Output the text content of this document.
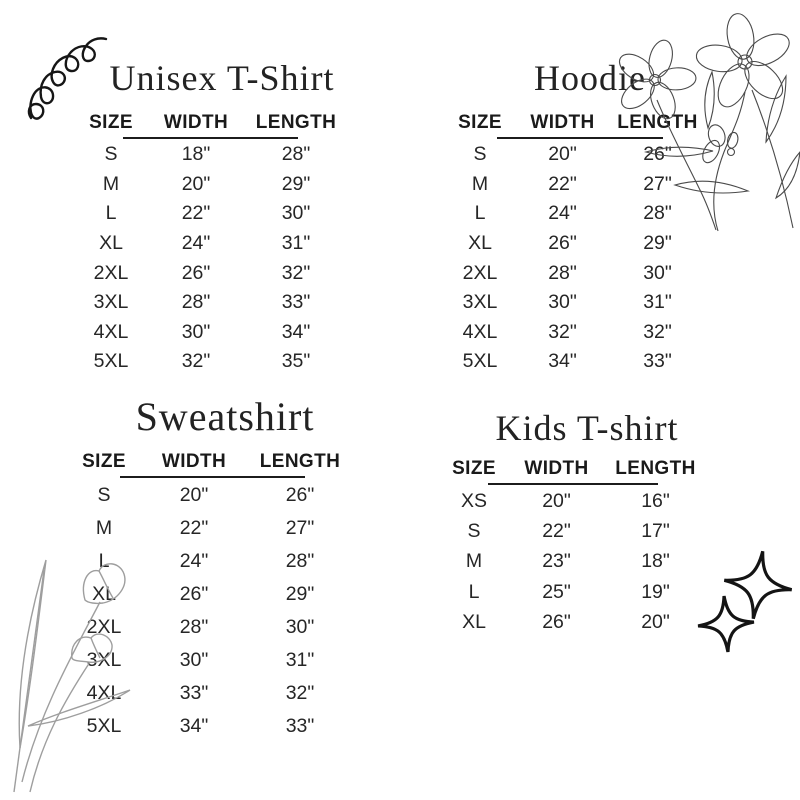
Unisex T-Shirt
SIZE	WIDTH	LENGTH
S	18"	28"
M	20"	29"
L	22"	30"
XL	24"	31"
2XL	26"	32"
3XL	28"	33"
4XL	30"	34"
5XL	32"	35"
Hoodie
SIZE	WIDTH	LENGTH
S	20"	26"
M	22"	27"
L	24"	28"
XL	26"	29"
2XL	28"	30"
3XL	30"	31"
4XL	32"	32"
5XL	34"	33"
Sweatshirt
SIZE	WIDTH	LENGTH
S	20"	26"
M	22"	27"
L	24"	28"
XL	26"	29"
2XL	28"	30"
3XL	30"	31"
4XL	33"	32"
5XL	34"	33"
Kids T-shirt
SIZE	WIDTH	LENGTH
XS	20"	16"
S	22"	17"
M	23"	18"
L	25"	19"
XL	26"	20"
